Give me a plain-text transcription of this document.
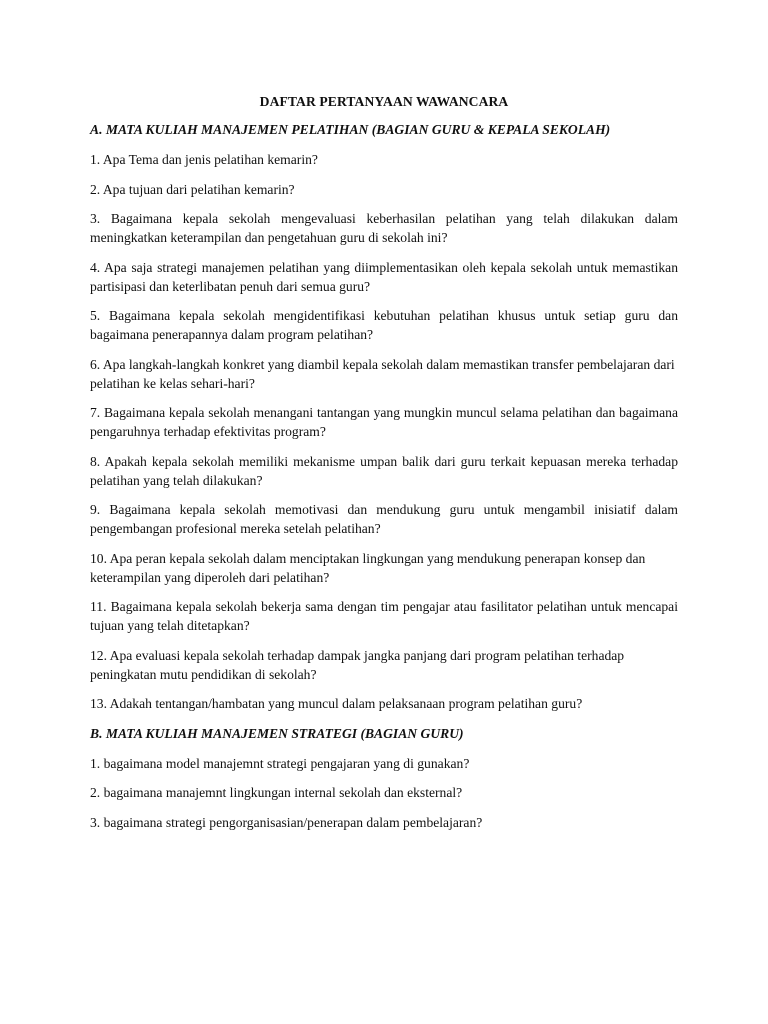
DAFTAR PERTANYAAN WAWANCARA
A. MATA KULIAH MANAJEMEN PELATIHAN (BAGIAN GURU & KEPALA SEKOLAH)
1. Apa Tema dan jenis pelatihan kemarin?
2. Apa tujuan dari pelatihan kemarin?
3. Bagaimana kepala sekolah mengevaluasi keberhasilan pelatihan yang telah dilakukan dalam meningkatkan keterampilan dan pengetahuan guru di sekolah ini?
4. Apa saja strategi manajemen pelatihan yang diimplementasikan oleh kepala sekolah untuk memastikan partisipasi dan keterlibatan penuh dari semua guru?
5. Bagaimana kepala sekolah mengidentifikasi kebutuhan pelatihan khusus untuk setiap guru dan bagaimana penerapannya dalam program pelatihan?
6. Apa langkah-langkah konkret yang diambil kepala sekolah dalam memastikan transfer pembelajaran dari pelatihan ke kelas sehari-hari?
7. Bagaimana kepala sekolah menangani tantangan yang mungkin muncul selama pelatihan dan bagaimana pengaruhnya terhadap efektivitas program?
8. Apakah kepala sekolah memiliki mekanisme umpan balik dari guru terkait kepuasan mereka terhadap pelatihan yang telah dilakukan?
9. Bagaimana kepala sekolah memotivasi dan mendukung guru untuk mengambil inisiatif dalam pengembangan profesional mereka setelah pelatihan?
10. Apa peran kepala sekolah dalam menciptakan lingkungan yang mendukung penerapan konsep dan keterampilan yang diperoleh dari pelatihan?
11. Bagaimana kepala sekolah bekerja sama dengan tim pengajar atau fasilitator pelatihan untuk mencapai tujuan yang telah ditetapkan?
12. Apa evaluasi kepala sekolah terhadap dampak jangka panjang dari program pelatihan terhadap peningkatan mutu pendidikan di sekolah?
13. Adakah tentangan/hambatan yang muncul dalam pelaksanaan program pelatihan guru?
B. MATA KULIAH MANAJEMEN STRATEGI (BAGIAN GURU)
1. bagaimana model manajemnt strategi pengajaran yang di gunakan?
2. bagaimana manajemnt lingkungan internal sekolah dan eksternal?
3. bagaimana strategi pengorganisasian/penerapan dalam pembelajaran?
